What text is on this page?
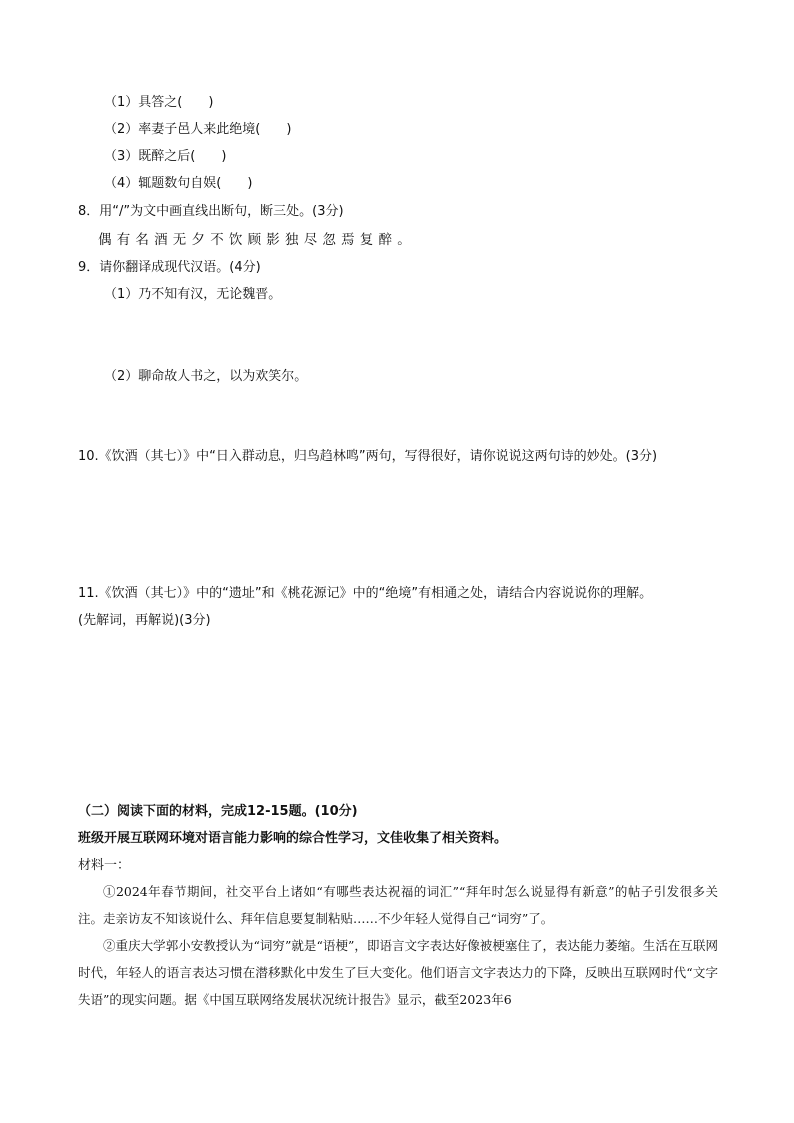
（1）具答之(　　)
（2）率妻子邑人来此绝境(　　)
（3）既醉之后(　　)
（4）辄题数句自娱(　　)
8．用“/”为文中画直线出断句，断三处。(3分)
偶有名酒无夕不饮顾影独尽忽焉复醉。
9．请你翻译成现代汉语。(4分)
（1）乃不知有汉，无论魏晋。
（2）聊命故人书之，以为欢笑尔。
10.《饮酒（其七）》中“日入群动息，归鸟趋林鸣”两句，写得很好，请你说说这两句诗的妙处。(3分)
11.《饮酒（其七）》中的“遗址”和《桃花源记》中的“绝境”有相通之处，请结合内容说说你的理解。
(先解词，再解说)(3分)
（二）阅读下面的材料，完成12-15题。(10分)
班级开展互联网环境对语言能力影响的综合性学习，文佳收集了相关资料。
材料一：

①2024年春节期间，社交平台上诸如“有哪些表达祝福的词汇”“拜年时怎么说显得有新意”的帖子引发很多关注。走亲访友不知该说什么、拜年信息要复制粘贴……不少年轻人觉得自己“词穷”了。

②重庆大学郭小安教授认为“词穷”就是“语梗”，即语言文字表达好像被梗塞住了，表达能力萎缩。生活在互联网时代，年轻人的语言表达习惯在潜移默化中发生了巨大变化。他们语言文字表达力的下降，反映出互联网时代“文字失语”的现实问题。据《中国互联网络发展状况统计报告》显示，截至2023年6
